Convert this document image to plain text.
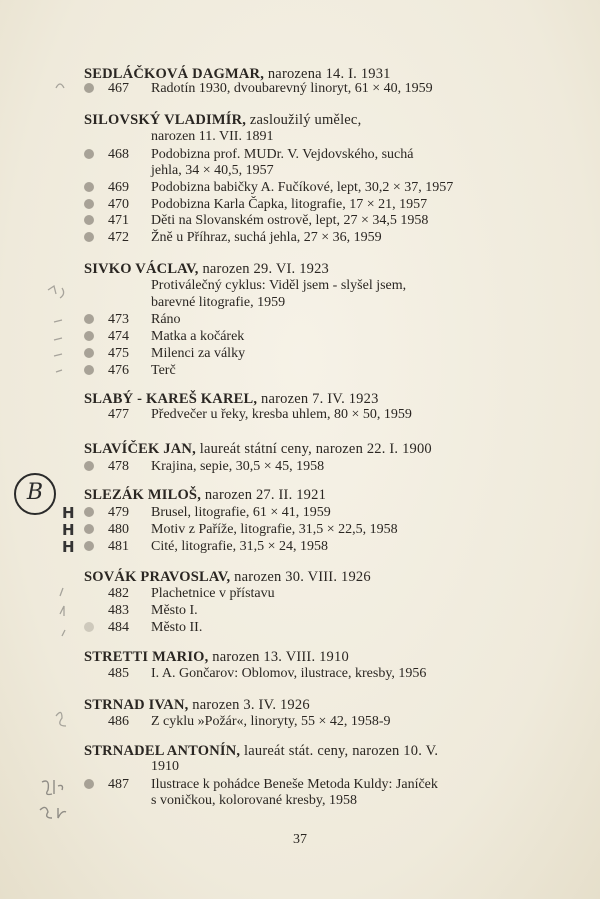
SEDLÁČKOVÁ DAGMAR, narozena 14. I. 1931
467	Radotín 1930, dvoubarevný linoryt, 61 × 40, 1959
SILOVSKÝ VLADIMÍR, zasloužilý umělec,
narozen 11. VII. 1891
468	Podobizna prof. MUDr. V. Vejdovského, suchá
jehla, 34 × 40,5, 1957
469	Podobizna babičky A. Fučíkové, lept, 30,2 × 37, 1957
470	Podobizna Karla Čapka, litografie, 17 × 21, 1957
471	Děti na Slovanském ostrově, lept, 27 × 34,5 1958
472	Žně u Příhraz, suchá jehla, 27 × 36, 1959
SIVKO VÁCLAV, narozen 29. VI. 1923
Protiválečný cyklus: Viděl jsem - slyšel jsem,
barevné litografie, 1959
473	Ráno
474	Matka a kočárek
475	Milenci za války
476	Terč
SLABÝ - KAREŠ KAREL, narozen 7. IV. 1923
477	Předvečer u řeky, kresba uhlem, 80 × 50, 1959
SLAVÍČEK JAN, laureát státní ceny, narozen 22. I. 1900
478	Krajina, sepie, 30,5 × 45, 1958
B	SLEZÁK MILOŠ, narozen 27. II. 1921
H 479	Brusel, litografie, 61 × 41, 1959
H 480	Motiv z Paříže, litografie, 31,5 × 22,5, 1958
H 481	Cité, litografie, 31,5 × 24, 1958
SOVÁK PRAVOSLAV, narozen 30. VIII. 1926
482	Plachetnice v přístavu
483	Město I.
484	Město II.
STRETTI MARIO, narozen 13. VIII. 1910
485	I. A. Gončarov: Oblomov, ilustrace, kresby, 1956
STRNAD IVAN, narozen 3. IV. 1926
486	Z cyklu »Požár«, linoryty, 55 × 42, 1958-9
STRNADEL ANTONÍN, laureát stát. ceny, narozen 10. V.
1910
487	Ilustrace k pohádce Beneše Metoda Kuldy: Janíček
s voničkou, kolorované kresby, 1958
37
